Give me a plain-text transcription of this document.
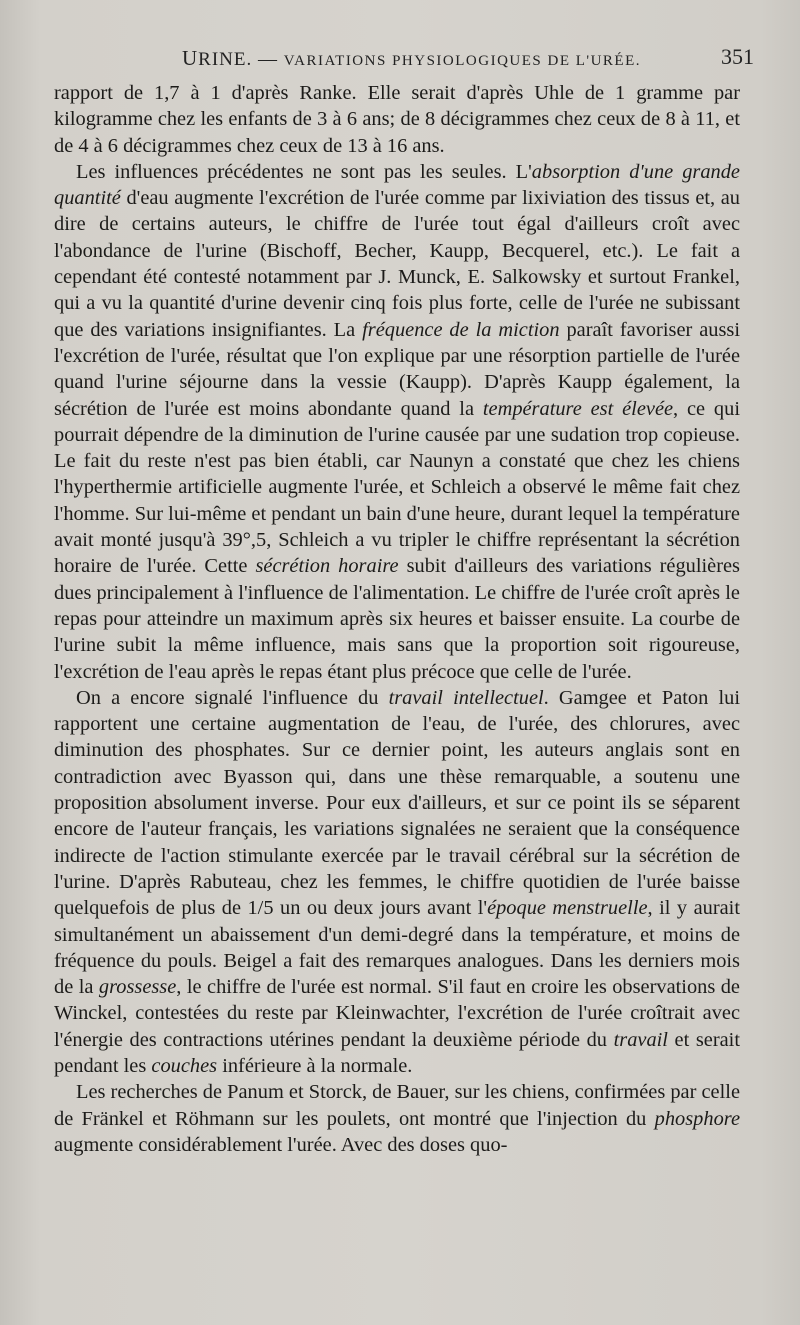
URINE. — VARIATIONS PHYSIOLOGIQUES DE L'URÉE.	351

rapport de 1,7 à 1 d'après Ranke. Elle serait d'après Uhle de 1 gramme par kilogramme chez les enfants de 3 à 6 ans; de 8 décigrammes chez ceux de 8 à 11, et de 4 à 6 décigrammes chez ceux de 13 à 16 ans.

Les influences précédentes ne sont pas les seules. L'absorption d'une grande quantité d'eau augmente l'excrétion de l'urée comme par lixiviation des tissus et, au dire de certains auteurs, le chiffre de l'urée tout égal d'ailleurs croît avec l'abondance de l'urine (Bischoff, Becher, Kaupp, Becquerel, etc.). Le fait a cependant été contesté notamment par J. Munck, E. Salkowsky et surtout Frankel, qui a vu la quantité d'urine devenir cinq fois plus forte, celle de l'urée ne subissant que des variations insignifiantes. La fréquence de la miction paraît favoriser aussi l'excrétion de l'urée, résultat que l'on explique par une résorption partielle de l'urée quand l'urine séjourne dans la vessie (Kaupp). D'après Kaupp également, la sécrétion de l'urée est moins abondante quand la température est élevée, ce qui pourrait dépendre de la diminution de l'urine causée par une sudation trop copieuse. Le fait du reste n'est pas bien établi, car Naunyn a constaté que chez les chiens l'hyperthermie artificielle augmente l'urée, et Schleich a observé le même fait chez l'homme. Sur lui-même et pendant un bain d'une heure, durant lequel la température avait monté jusqu'à 39°,5, Schleich a vu tripler le chiffre représentant la sécrétion horaire de l'urée. Cette sécrétion horaire subit d'ailleurs des variations régulières dues principalement à l'influence de l'alimentation. Le chiffre de l'urée croît après le repas pour atteindre un maximum après six heures et baisser ensuite. La courbe de l'urine subit la même influence, mais sans que la proportion soit rigoureuse, l'excrétion de l'eau après le repas étant plus précoce que celle de l'urée.

On a encore signalé l'influence du travail intellectuel. Gamgee et Paton lui rapportent une certaine augmentation de l'eau, de l'urée, des chlorures, avec diminution des phosphates. Sur ce dernier point, les auteurs anglais sont en contradiction avec Byasson qui, dans une thèse remarquable, a soutenu une proposition absolument inverse. Pour eux d'ailleurs, et sur ce point ils se séparent encore de l'auteur français, les variations signalées ne seraient que la conséquence indirecte de l'action stimulante exercée par le travail cérébral sur la sécrétion de l'urine. D'après Rabuteau, chez les femmes, le chiffre quotidien de l'urée baisse quelquefois de plus de 1/5 un ou deux jours avant l'époque menstruelle, il y aurait simultanément un abaissement d'un demi-degré dans la température, et moins de fréquence du pouls. Beigel a fait des remarques analogues. Dans les derniers mois de la grossesse, le chiffre de l'urée est normal. S'il faut en croire les observations de Winckel, contestées du reste par Kleinwachter, l'excrétion de l'urée croîtrait avec l'énergie des contractions utérines pendant la deuxième période du travail et serait pendant les couches inférieure à la normale.

Les recherches de Panum et Storck, de Bauer, sur les chiens, confirmées par celle de Fränkel et Röhmann sur les poulets, ont montré que l'injection du phosphore augmente considérablement l'urée. Avec des doses quo-
